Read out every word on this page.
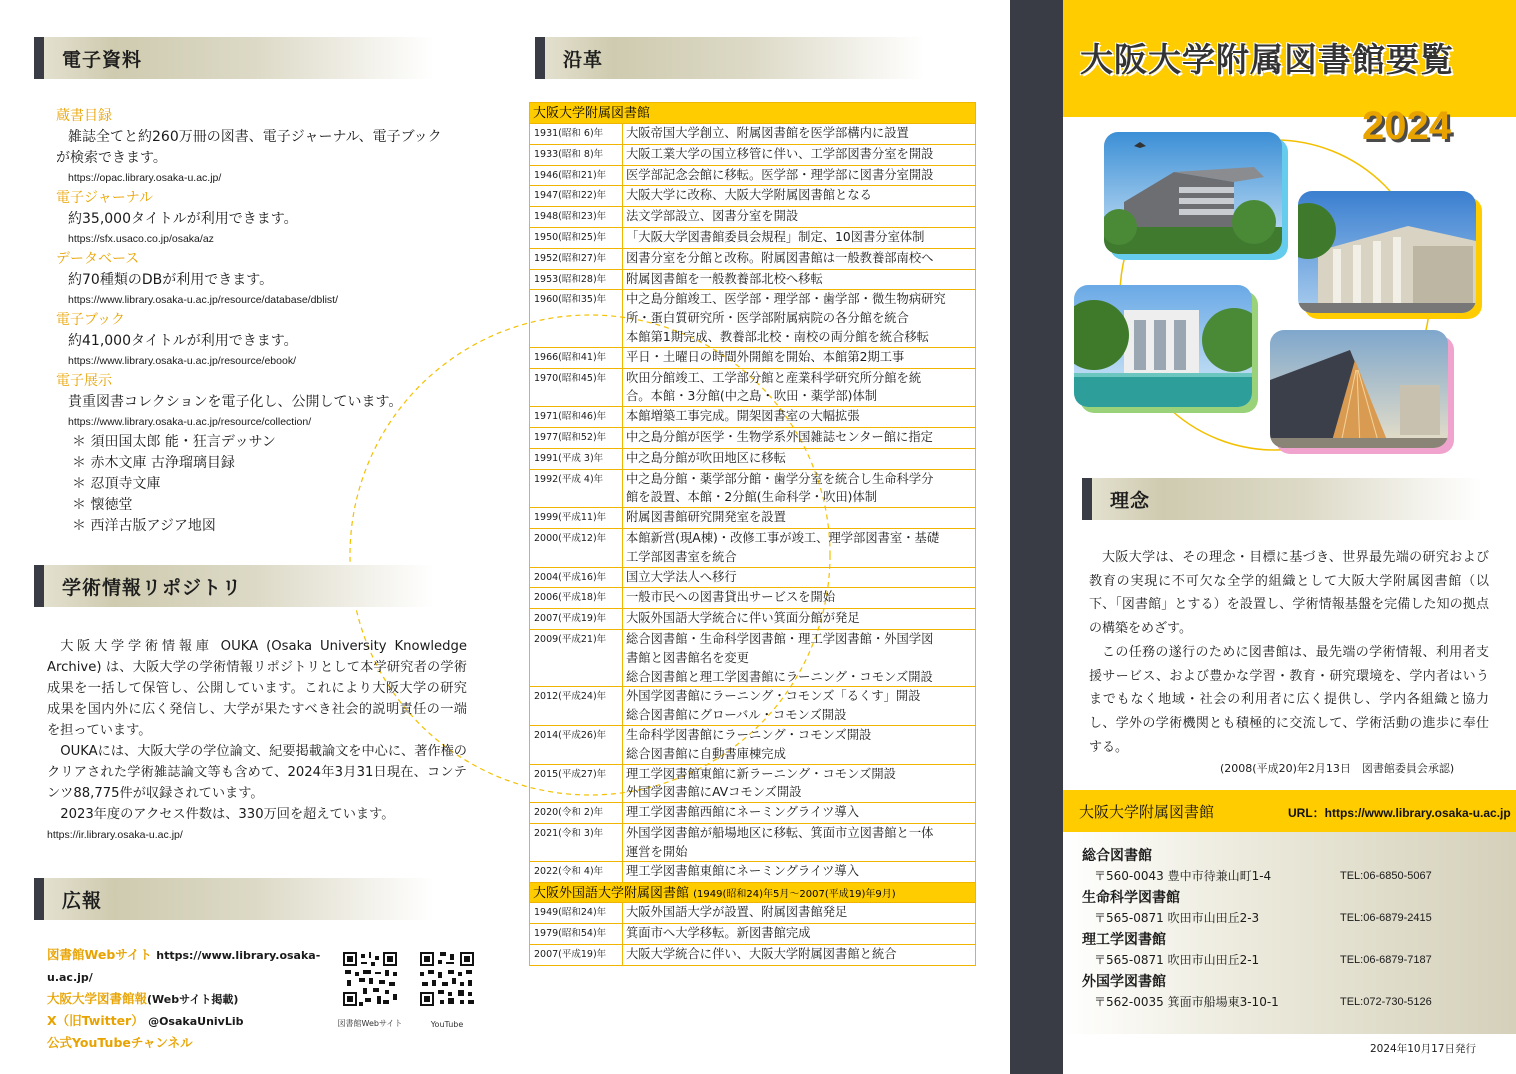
電子資料
蔵書目録
雑誌全てと約260万冊の図書、電子ジャーナル、電子ブック
が検索できます。
https://opac.library.osaka-u.ac.jp/
電子ジャーナル
約35,000タイトルが利用できます。
https://sfx.usaco.co.jp/osaka/az
データベース
約70種類のDBが利用できます。
https://www.library.osaka-u.ac.jp/resource/database/dblist/
電子ブック
約41,000タイトルが利用できます。
https://www.library.osaka-u.ac.jp/resource/ebook/
電子展示
貴重図書コレクションを電子化し、公開しています。
https://www.library.osaka-u.ac.jp/resource/collection/
＊ 須田国太郎 能・狂言デッサン
＊ 赤木文庫 古浄瑠璃目録
＊ 忍頂寺文庫
＊ 懐徳堂
＊ 西洋古版アジア地図
学術情報リポジトリ

大阪大学学術情報庫 OUKA (Osaka University Knowledge Archive) は、大阪大学の学術情報リポジトリとして本学研究者の学術成果を一括して保管し、公開しています。これにより大阪大学の研究成果を国内外に広く発信し、大学が果たすべき社会的説明責任の一端を担っています。

OUKAには、大阪大学の学位論文、紀要掲載論文を中心に、著作権のクリアされた学術雑誌論文等も含めて、2024年3月31日現在、コンテンツ88,775件が収録されています。

2023年度のアクセス件数は、330万回を超えています。

https://ir.library.osaka-u.ac.jp/

広報
図書館Webサイト https://www.library.osaka-u.ac.jp/
大阪大学図書館報(Webサイト掲載)
X（旧Twitter） @OsakaUnivLib
公式YouTubeチャンネル
図書館Webサイト	YouTube
沿革
大阪大学附属図書館
1931(昭和 6)年	大阪帝国大学創立、附属図書館を医学部構内に設置
1933(昭和 8)年	大阪工業大学の国立移管に伴い、工学部図書分室を開設
1946(昭和21)年	医学部記念会館に移転。医学部・理学部に図書分室開設
1947(昭和22)年	大阪大学に改称、大阪大学附属図書館となる
1948(昭和23)年	法文学部設立、図書分室を開設
1950(昭和25)年	「大阪大学図書館委員会規程」制定、10図書分室体制
1952(昭和27)年	図書分室を分館と改称。附属図書館は一般教養部南校へ
1953(昭和28)年	附属図書館を一般教養部北校へ移転
1960(昭和35)年	中之島分館竣工、医学部・理学部・歯学部・微生物病研究
所・蛋白質研究所・医学部附属病院の各分館を統合
本館第1期完成、教養部北校・南校の両分館を統合移転
1966(昭和41)年	平日・土曜日の時間外開館を開始、本館第2期工事
1970(昭和45)年	吹田分館竣工、工学部分館と産業科学研究所分館を統
合。本館・3分館(中之島・吹田・薬学部)体制
1971(昭和46)年	本館増築工事完成。開架図書室の大幅拡張
1977(昭和52)年	中之島分館が医学・生物学系外国雑誌センター館に指定
1991(平成 3)年	中之島分館が吹田地区に移転
1992(平成 4)年	中之島分館・薬学部分館・歯学分室を統合し生命科学分
館を設置、本館・2分館(生命科学・吹田)体制
1999(平成11)年	附属図書館研究開発室を設置
2000(平成12)年	本館新営(現A棟)・改修工事が竣工、理学部図書室・基礎
工学部図書室を統合
2004(平成16)年	国立大学法人へ移行
2006(平成18)年	一般市民への図書貸出サービスを開始
2007(平成19)年	大阪外国語大学統合に伴い箕面分館が発足
2009(平成21)年	総合図書館・生命科学図書館・理工学図書館・外国学図
書館と図書館名を変更
総合図書館と理工学図書館にラーニング・コモンズ開設
2012(平成24)年	外国学図書館にラーニング・コモンズ「るくす」開設
総合図書館にグローバル・コモンズ開設
2014(平成26)年	生命科学図書館にラーニング・コモンズ開設
総合図書館に自動書庫棟完成
2015(平成27)年	理工学図書館東館に新ラーニング・コモンズ開設
外国学図書館にAVコモンズ開設
2020(令和 2)年	理工学図書館西館にネーミングライツ導入
2021(令和 3)年	外国学図書館が船場地区に移転、箕面市立図書館と一体
運営を開始
2022(令和 4)年	理工学図書館東館にネーミングライツ導入
大阪外国語大学附属図書館 (1949(昭和24)年5月～2007(平成19)年9月)
1949(昭和24)年	大阪外国語大学が設置、附属図書館発足
1979(昭和54)年	箕面市へ大学移転。新図書館完成
2007(平成19)年	大阪大学統合に伴い、大阪大学附属図書館と統合
大阪大学附属図書館要覧
2024
理念

大阪大学は、その理念・目標に基づき、世界最先端の研究および教育の実現に不可欠な全学的組織として大阪大学附属図書館（以下、「図書館」とする）を設置し、学術情報基盤を完備した知の拠点の構築をめざす。

この任務の遂行のために図書館は、最先端の学術情報、利用者支援サービス、および豊かな学習・教育・研究環境を、学内者はいうまでもなく地域・社会の利用者に広く提供し、学内各組織と協力し、学外の学術機関とも積極的に交流して、学術活動の進歩に奉仕する。

(2008(平成20)年2月13日　図書館委員会承認)
大阪大学附属図書館	URL：https://www.library.osaka-u.ac.jp
総合図書館
〒560-0043 豊中市待兼山町1-4	TEL:06-6850-5067
生命科学図書館
〒565-0871 吹田市山田丘2-3	TEL:06-6879-2415
理工学図書館
〒565-0871 吹田市山田丘2-1	TEL:06-6879-7187
外国学図書館
〒562-0035 箕面市船場東3-10-1	TEL:072-730-5126
2024年10月17日発行
